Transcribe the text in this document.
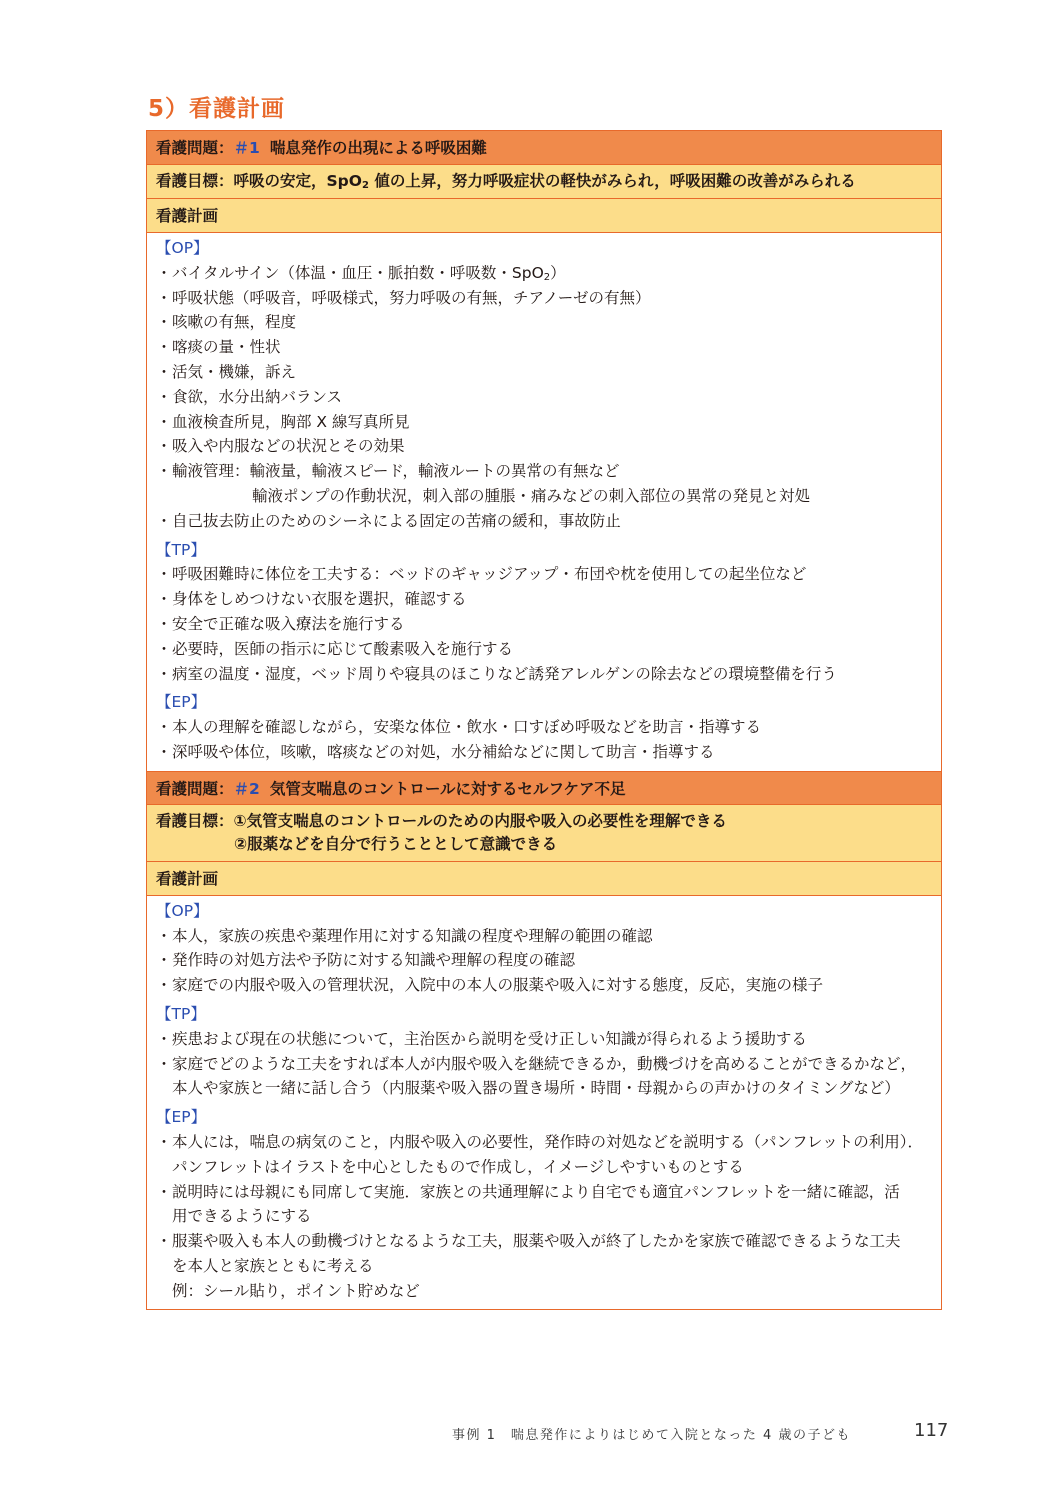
5）看護計画
看護問題：＃1 喘息発作の出現による呼吸困難
看護目標：呼吸の安定，SpO$_2$ 値の上昇，努力呼吸症状の軽快がみられ，呼吸困難の改善がみられる
看護計画
【OP】
・バイタルサイン（体温・血圧・脈拍数・呼吸数・SpO$_2$）
・呼吸状態（呼吸音，呼吸様式，努力呼吸の有無，チアノーゼの有無）
・咳嗽の有無，程度
・喀痰の量・性状
・活気・機嫌，訴え
・食欲，水分出納バランス
・血液検査所見，胸部 X 線写真所見
・吸入や内服などの状況とその効果
・輸液管理：輸液量，輸液スピード，輸液ルートの異常の有無など
輸液ポンプの作動状況，刺入部の腫脹・痛みなどの刺入部位の異常の発見と対処
・自己抜去防止のためのシーネによる固定の苦痛の緩和，事故防止
【TP】
・呼吸困難時に体位を工夫する：ベッドのギャッジアップ・布団や枕を使用しての起坐位など
・身体をしめつけない衣服を選択，確認する
・安全で正確な吸入療法を施行する
・必要時，医師の指示に応じて酸素吸入を施行する
・病室の温度・湿度，ベッド周りや寝具のほこりなど誘発アレルゲンの除去などの環境整備を行う
【EP】
・本人の理解を確認しながら，安楽な体位・飲水・口すぼめ呼吸などを助言・指導する
・深呼吸や体位，咳嗽，喀痰などの対処，水分補給などに関して助言・指導する
看護問題：＃2 気管支喘息のコントロールに対するセルフケア不足
看護目標： ①気管支喘息のコントロールのための内服や吸入の必要性を理解できる
②服薬などを自分で行うこととして意識できる
看護計画
【OP】
・本人，家族の疾患や薬理作用に対する知識の程度や理解の範囲の確認
・発作時の対処方法や予防に対する知識や理解の程度の確認
・家庭での内服や吸入の管理状況，入院中の本人の服薬や吸入に対する態度，反応，実施の様子
【TP】
・疾患および現在の状態について，主治医から説明を受け正しい知識が得られるよう援助する
・家庭でどのような工夫をすれば本人が内服や吸入を継続できるか，動機づけを高めることができるかなど，
本人や家族と一緒に話し合う（内服薬や吸入器の置き場所・時間・母親からの声かけのタイミングなど）
【EP】
・本人には，喘息の病気のこと，内服や吸入の必要性，発作時の対処などを説明する（パンフレットの利用）．
パンフレットはイラストを中心としたもので作成し，イメージしやすいものとする
・説明時には母親にも同席して実施．家族との共通理解により自宅でも適宜パンフレットを一緒に確認，活
用できるようにする
・服薬や吸入も本人の動機づけとなるような工夫，服薬や吸入が終了したかを家族で確認できるような工夫
を本人と家族とともに考える
例：シール貼り，ポイント貯めなど
事例 1　喘息発作によりはじめて入院となった 4 歳の子ども	117
